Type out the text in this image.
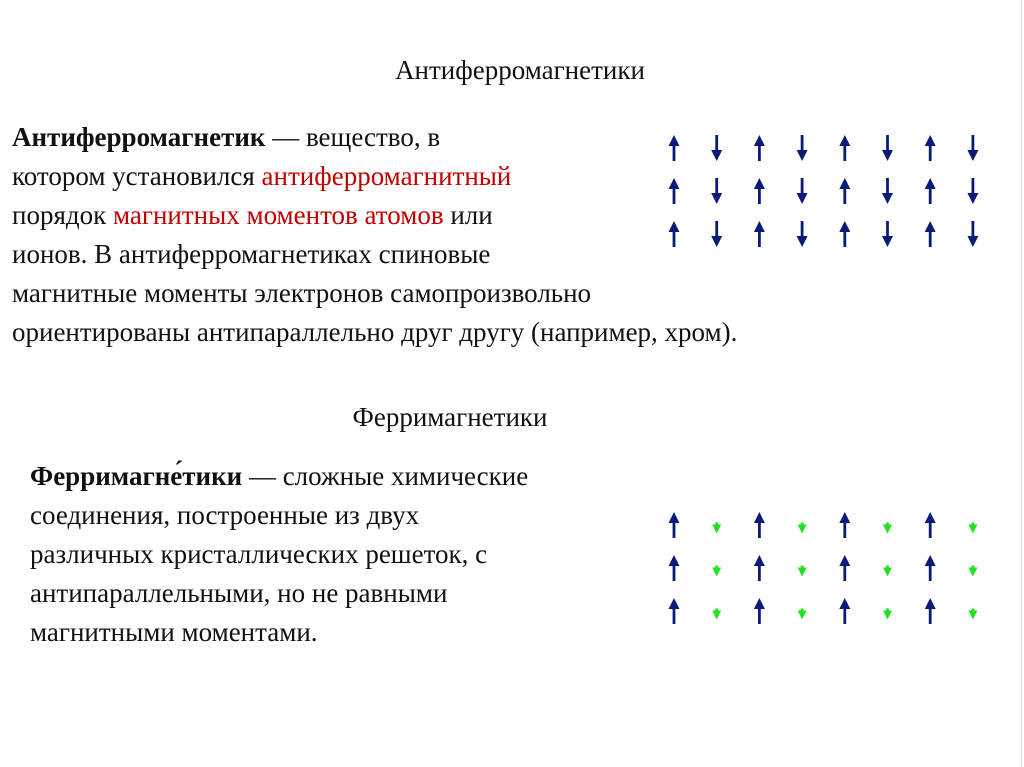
Антиферромагнетики

Антиферромагнетик — вещество, в
котором установился антиферромагнитный
порядок магнитных моментов атомов или
ионов. В антиферромагнетиках спиновые
магнитные моменты электронов самопроизвольно
ориентированы антипараллельно друг другу (например, хром).

Ферримагнетики

Ферримагне́тики — сложные химические
соединения, построенные из двух
различных кристаллических решеток, с
антипараллельными, но не равными
магнитными моментами.
